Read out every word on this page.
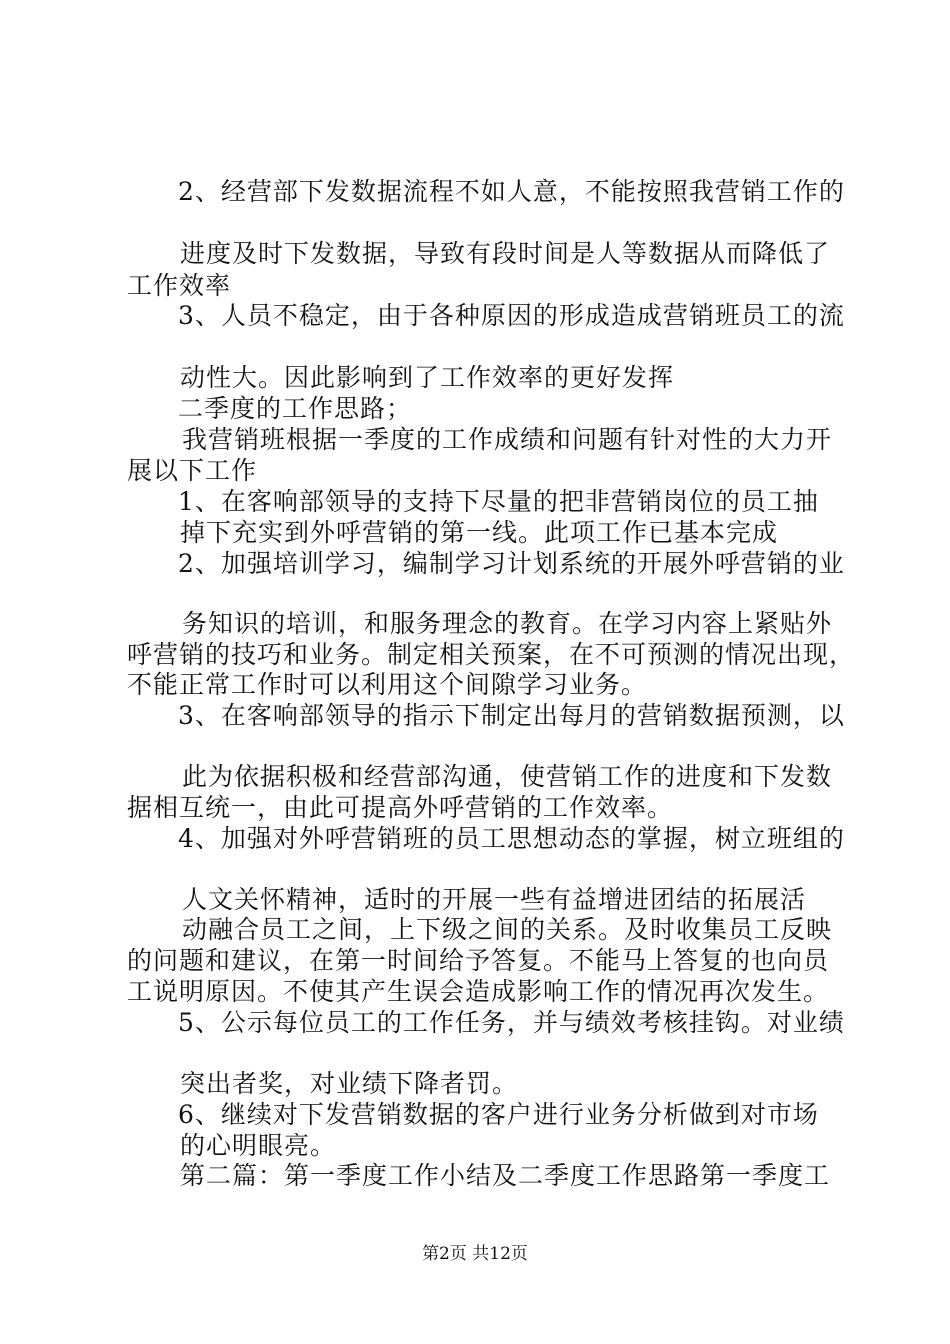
2、经营部下发数据流程不如人意，不能按照我营销工作的
进度及时下发数据，导致有段时间是人等数据从而降低了
工作效率
3、人员不稳定，由于各种原因的形成造成营销班员工的流
动性大。因此影响到了工作效率的更好发挥
二季度的工作思路；
我营销班根据一季度的工作成绩和问题有针对性的大力开
展以下工作
1、在客响部领导的支持下尽量的把非营销岗位的员工抽
掉下充实到外呼营销的第一线。此项工作已基本完成
2、加强培训学习，编制学习计划系统的开展外呼营销的业
务知识的培训，和服务理念的教育。在学习内容上紧贴外
呼营销的技巧和业务。制定相关预案，在不可预测的情况出现，
不能正常工作时可以利用这个间隙学习业务。
3、在客响部领导的指示下制定出每月的营销数据预测，以
此为依据积极和经营部沟通，使营销工作的进度和下发数
据相互统一，由此可提高外呼营销的工作效率。
4、加强对外呼营销班的员工思想动态的掌握，树立班组的
人文关怀精神，适时的开展一些有益增进团结的拓展活
动融合员工之间，上下级之间的关系。及时收集员工反映
的问题和建议，在第一时间给予答复。不能马上答复的也向员
工说明原因。不使其产生误会造成影响工作的情况再次发生。
5、公示每位员工的工作任务，并与绩效考核挂钩。对业绩
突出者奖，对业绩下降者罚。
6、继续对下发营销数据的客户进行业务分析做到对市场
的心明眼亮。
第二篇：第一季度工作小结及二季度工作思路第一季度工
第2页 共12页
